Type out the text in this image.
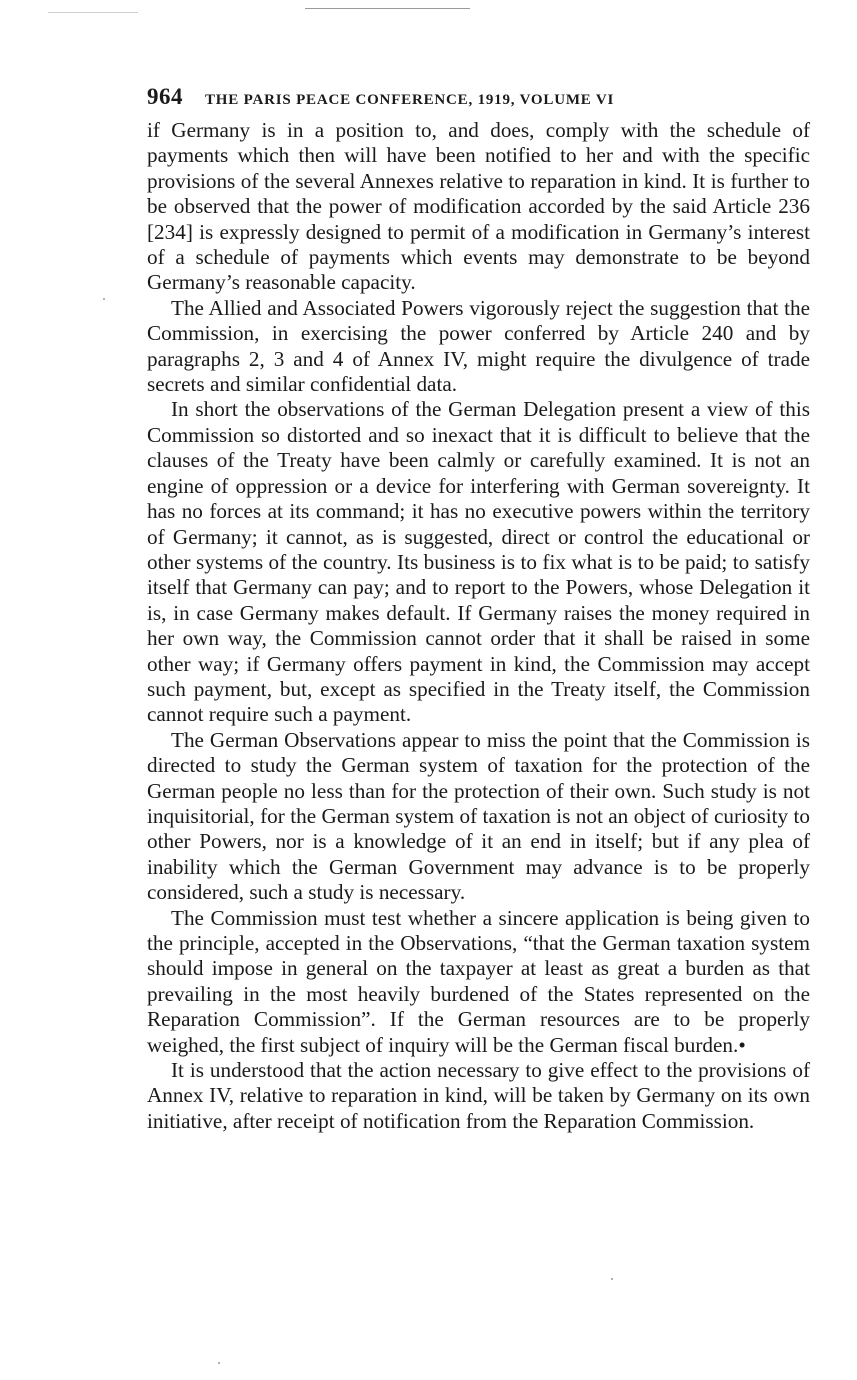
964 THE PARIS PEACE CONFERENCE, 1919, VOLUME VI

if Germany is in a position to, and does, comply with the schedule of payments which then will have been notified to her and with the specific provisions of the several Annexes relative to reparation in kind. It is further to be observed that the power of modification accorded by the said Article 236 [234] is expressly designed to permit of a modification in Germany’s interest of a schedule of payments which events may demonstrate to be beyond Germany’s reasonable capacity.

The Allied and Associated Powers vigorously reject the suggestion that the Commission, in exercising the power conferred by Article 240 and by paragraphs 2, 3 and 4 of Annex IV, might require the divulgence of trade secrets and similar confidential data.

In short the observations of the German Delegation present a view of this Commission so distorted and so inexact that it is difficult to believe that the clauses of the Treaty have been calmly or carefully examined. It is not an engine of oppression or a device for interfering with German sovereignty. It has no forces at its command; it has no executive powers within the territory of Germany; it cannot, as is suggested, direct or control the educational or other systems of the country. Its business is to fix what is to be paid; to satisfy itself that Germany can pay; and to report to the Powers, whose Delegation it is, in case Germany makes default. If Germany raises the money required in her own way, the Commission cannot order that it shall be raised in some other way; if Germany offers payment in kind, the Commission may accept such payment, but, except as specified in the Treaty itself, the Commission cannot require such a payment.

The German Observations appear to miss the point that the Commission is directed to study the German system of taxation for the protection of the German people no less than for the protection of their own. Such study is not inquisitorial, for the German system of taxation is not an object of curiosity to other Powers, nor is a knowledge of it an end in itself; but if any plea of inability which the German Government may advance is to be properly considered, such a study is necessary.

The Commission must test whether a sincere application is being given to the principle, accepted in the Observations, “that the German taxation system should impose in general on the taxpayer at least as great a burden as that prevailing in the most heavily burdened of the States represented on the Reparation Commission”. If the German resources are to be properly weighed, the first subject of inquiry will be the German fiscal burden.•

It is understood that the action necessary to give effect to the provisions of Annex IV, relative to reparation in kind, will be taken by Germany on its own initiative, after receipt of notification from the Reparation Commission.
